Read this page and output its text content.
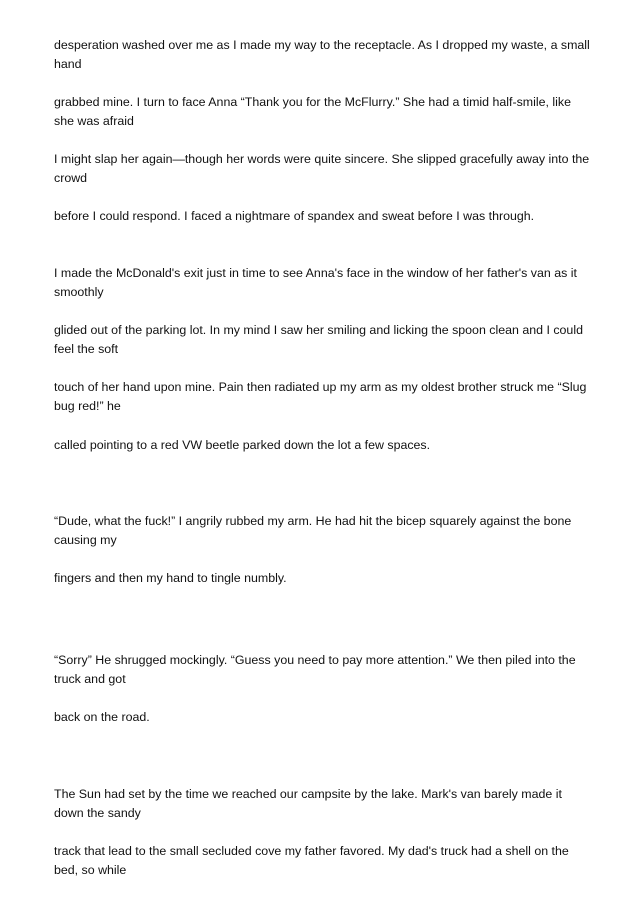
desperation washed over me as I made my way to the receptacle. As I dropped my waste, a small hand

grabbed mine. I turn to face Anna “Thank you for the McFlurry.” She had a timid half-smile, like she was afraid

I might slap her again—though her words were quite sincere. She slipped gracefully away into the crowd

before I could respond. I faced a nightmare of spandex and sweat before I was through.

I made the McDonald's exit just in time to see Anna's face in the window of her father's van as it smoothly

glided out of the parking lot. In my mind I saw her smiling and licking the spoon clean and I could feel the soft

touch of her hand upon mine. Pain then radiated up my arm as my oldest brother struck me “Slug bug red!” he

called pointing to a red VW beetle parked down the lot a few spaces.

“Dude, what the fuck!” I angrily rubbed my arm. He had hit the bicep squarely against the bone causing my

fingers and then my hand to tingle numbly.

“Sorry” He shrugged mockingly. “Guess you need to pay more attention.” We then piled into the truck and got

back on the road.

The Sun had set by the time we reached our campsite by the lake. Mark's van barely made it down the sandy

track that lead to the small secluded cove my father favored. My dad's truck had a shell on the bed, so while
